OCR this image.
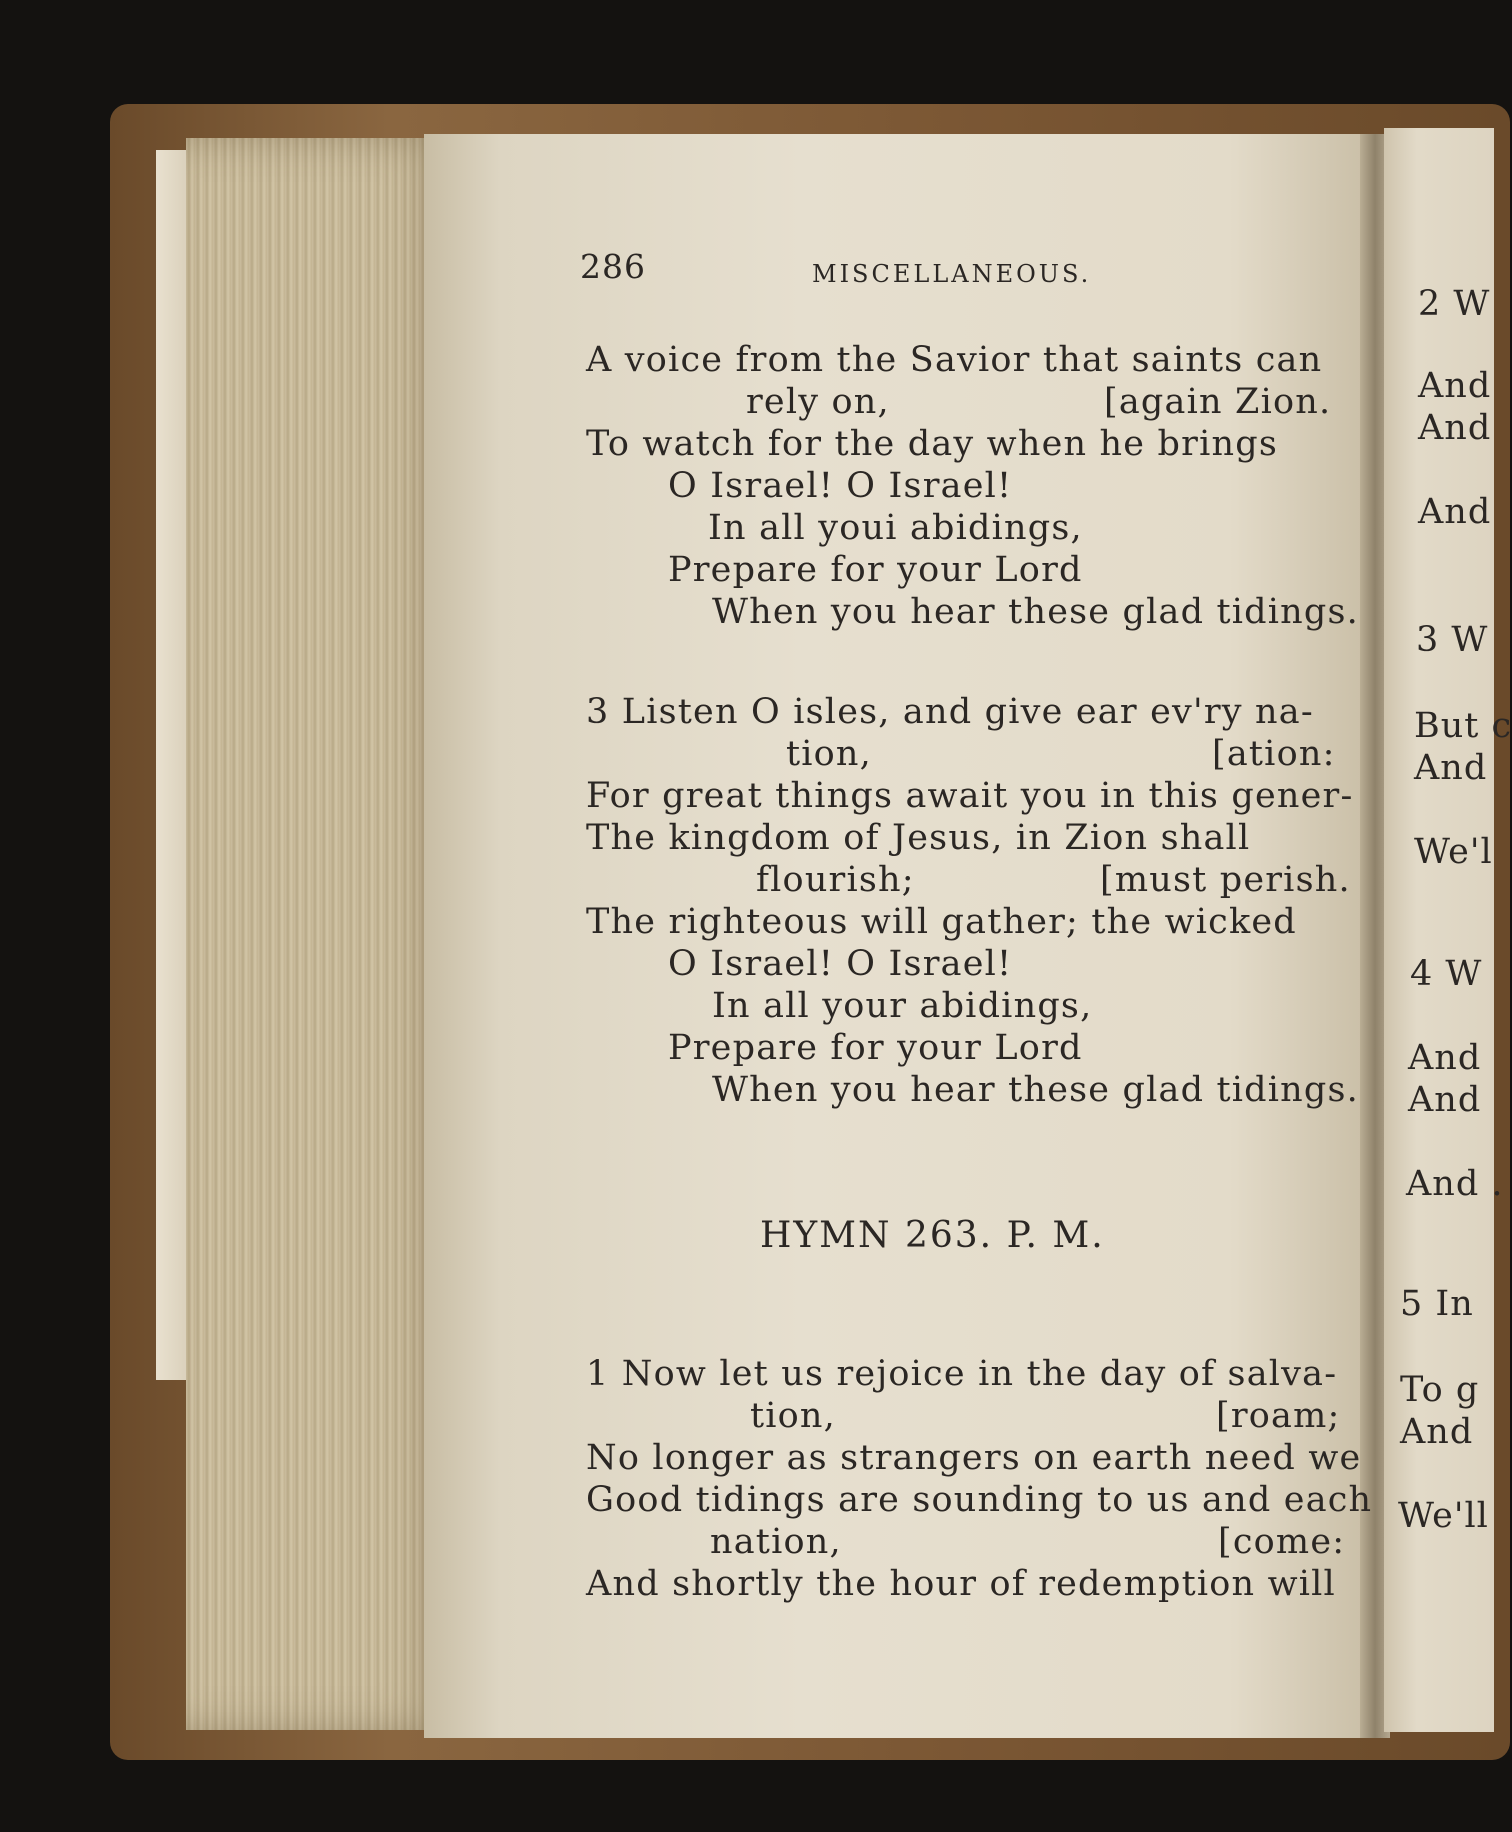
286	MISCELLANEOUS.
A voice from the Savior that saints can
rely on,	[again Zion.
To watch for the day when he brings
O Israel! O Israel!
In all youi abidings,
Prepare for your Lord
When you hear these glad tidings.
3 Listen O isles, and give ear ev'ry na-
tion,	[ation:
For great things await you in this gener-
The kingdom of Jesus, in Zion shall
flourish;	[must perish.
The righteous will gather; the wicked
O Israel! O Israel!
In all your abidings,
Prepare for your Lord
When you hear these glad tidings.
HYMN 263. P. M.
1 Now let us rejoice in the day of salva-
tion,	[roam;
No longer as strangers on earth need we
Good tidings are sounding to us and each
nation,	[come:
And shortly the hour of redemption will
2 W
And
And
And
3 W
But c
And
We'l
4 W
And
And
And .
5 In
To g
And
We'll
